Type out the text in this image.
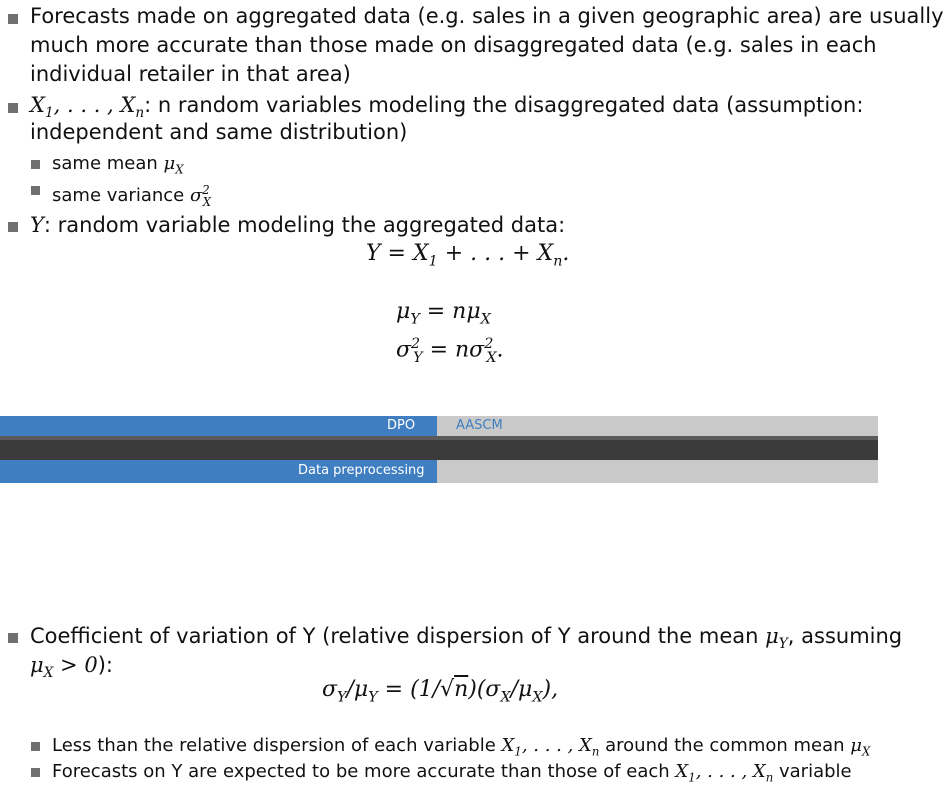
Forecasts made on aggregated data (e.g. sales in a given geographic area) are usually
much more accurate than those made on disaggregated data (e.g. sales in each
individual retailer in that area)
$X_1$, . . . , $X_n$: n random variables modeling the disaggregated data (assumption:
independent and same distribution)
same mean $\mu_X$
same variance $\sigma^2_X$
Y: random variable modeling the aggregated data:
$Y = X_1$ + . . . + $X_n$.
$\mu_Y = n\mu_X$
$\sigma^2_Y = n\sigma^2_X$.
DPO	AASCM
Data preprocessing
Coefficient of variation of Y (relative dispersion of Y around the mean $\mu_Y$, assuming
$\mu_X > 0$):
$\sigma_Y/\mu_Y = (1/√n)(\sigma_X/\mu_X)$,
Less than the relative dispersion of each variable $X_1$, . . . , $X_n$ around the common mean $\mu_X$
Forecasts on Y are expected to be more accurate than those of each $X_1$, . . . , $X_n$ variable
